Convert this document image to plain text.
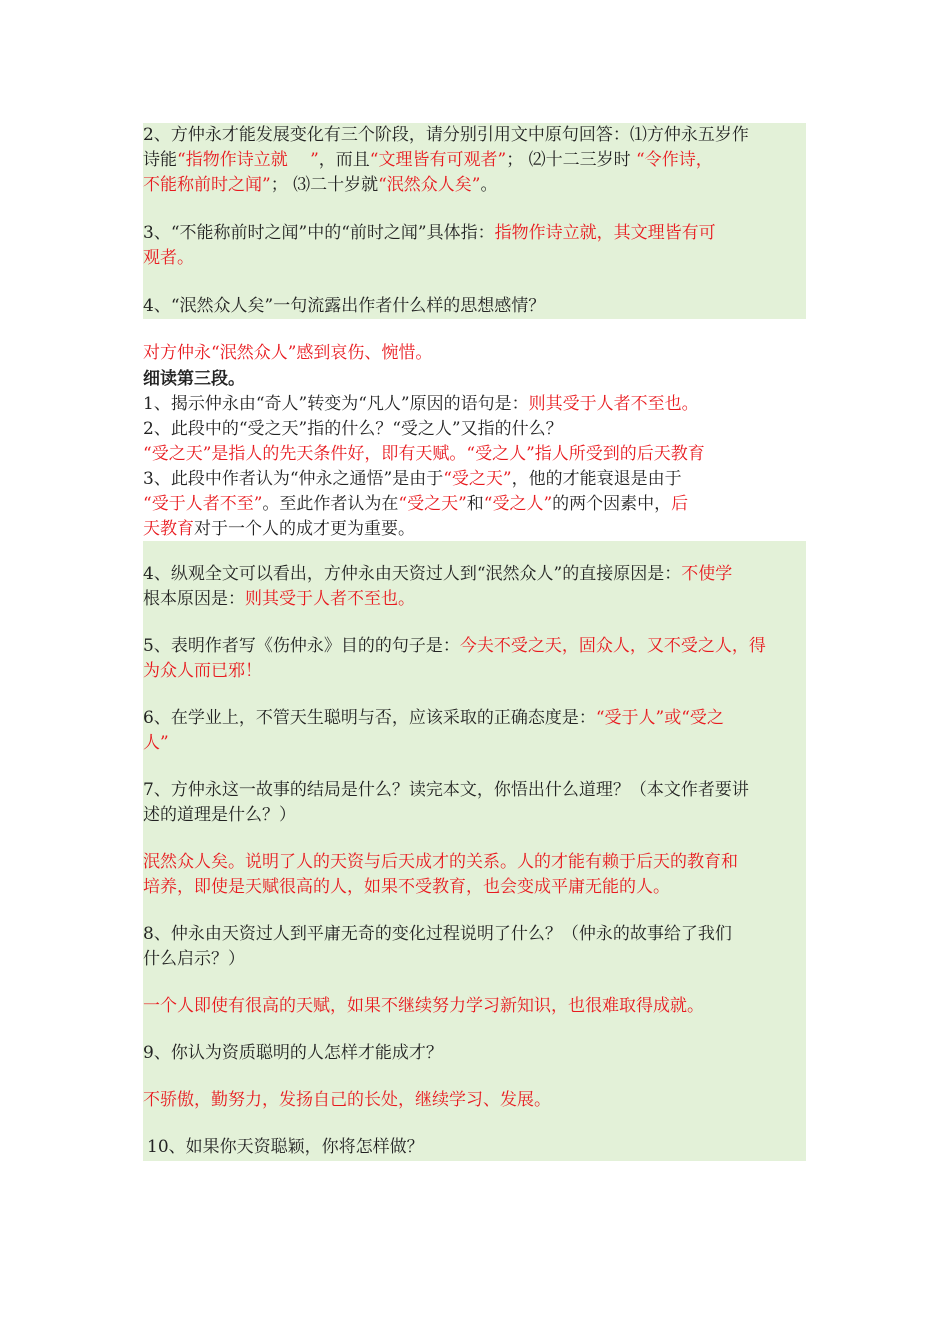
2、方仲永才能发展变化有三个阶段，请分别引用文中原句回答：⑴方仲永五岁作

诗能“指物作诗立就　 ”，而且“文理皆有可观者”； ⑵十二三岁时 “令作诗，

不能称前时之闻”； ⑶二十岁就“泯然众人矣”。

3、“不能称前时之闻”中的“前时之闻”具体指：指物作诗立就，其文理皆有可

观者。

4、“泯然众人矣”一句流露出作者什么样的思想感情？

对方仲永“泯然众人”感到哀伤、惋惜。

细读第三段。

1、揭示仲永由“奇人”转变为“凡人”原因的语句是：则其受于人者不至也。

2、此段中的“受之天”指的什么？“受之人”又指的什么？

“受之天”是指人的先天条件好，即有天赋。“受之人”指人所受到的后天教育

3、此段中作者认为“仲永之通悟”是由于“受之天”，他的才能衰退是由于

“受于人者不至”。至此作者认为在“受之天”和“受之人”的两个因素中，后

天教育对于一个人的成才更为重要。

4、纵观全文可以看出，方仲永由天资过人到“泯然众人”的直接原因是：不使学

根本原因是：则其受于人者不至也。

5、表明作者写《伤仲永》目的的句子是：今夫不受之天，固众人，又不受之人，得

为众人而已邪！

6、在学业上，不管天生聪明与否，应该采取的正确态度是：“受于人”或“受之

人”

7、方仲永这一故事的结局是什么？读完本文，你悟出什么道理？（本文作者要讲

述的道理是什么？）

泯然众人矣。说明了人的天资与后天成才的关系。人的才能有赖于后天的教育和

培养，即使是天赋很高的人，如果不受教育，也会变成平庸无能的人。

8、仲永由天资过人到平庸无奇的变化过程说明了什么？（仲永的故事给了我们

什么启示？）

一个人即使有很高的天赋，如果不继续努力学习新知识，也很难取得成就。

9、你认为资质聪明的人怎样才能成才？

不骄傲，勤努力，发扬自己的长处，继续学习、发展。

10、如果你天资聪颖，你将怎样做？
